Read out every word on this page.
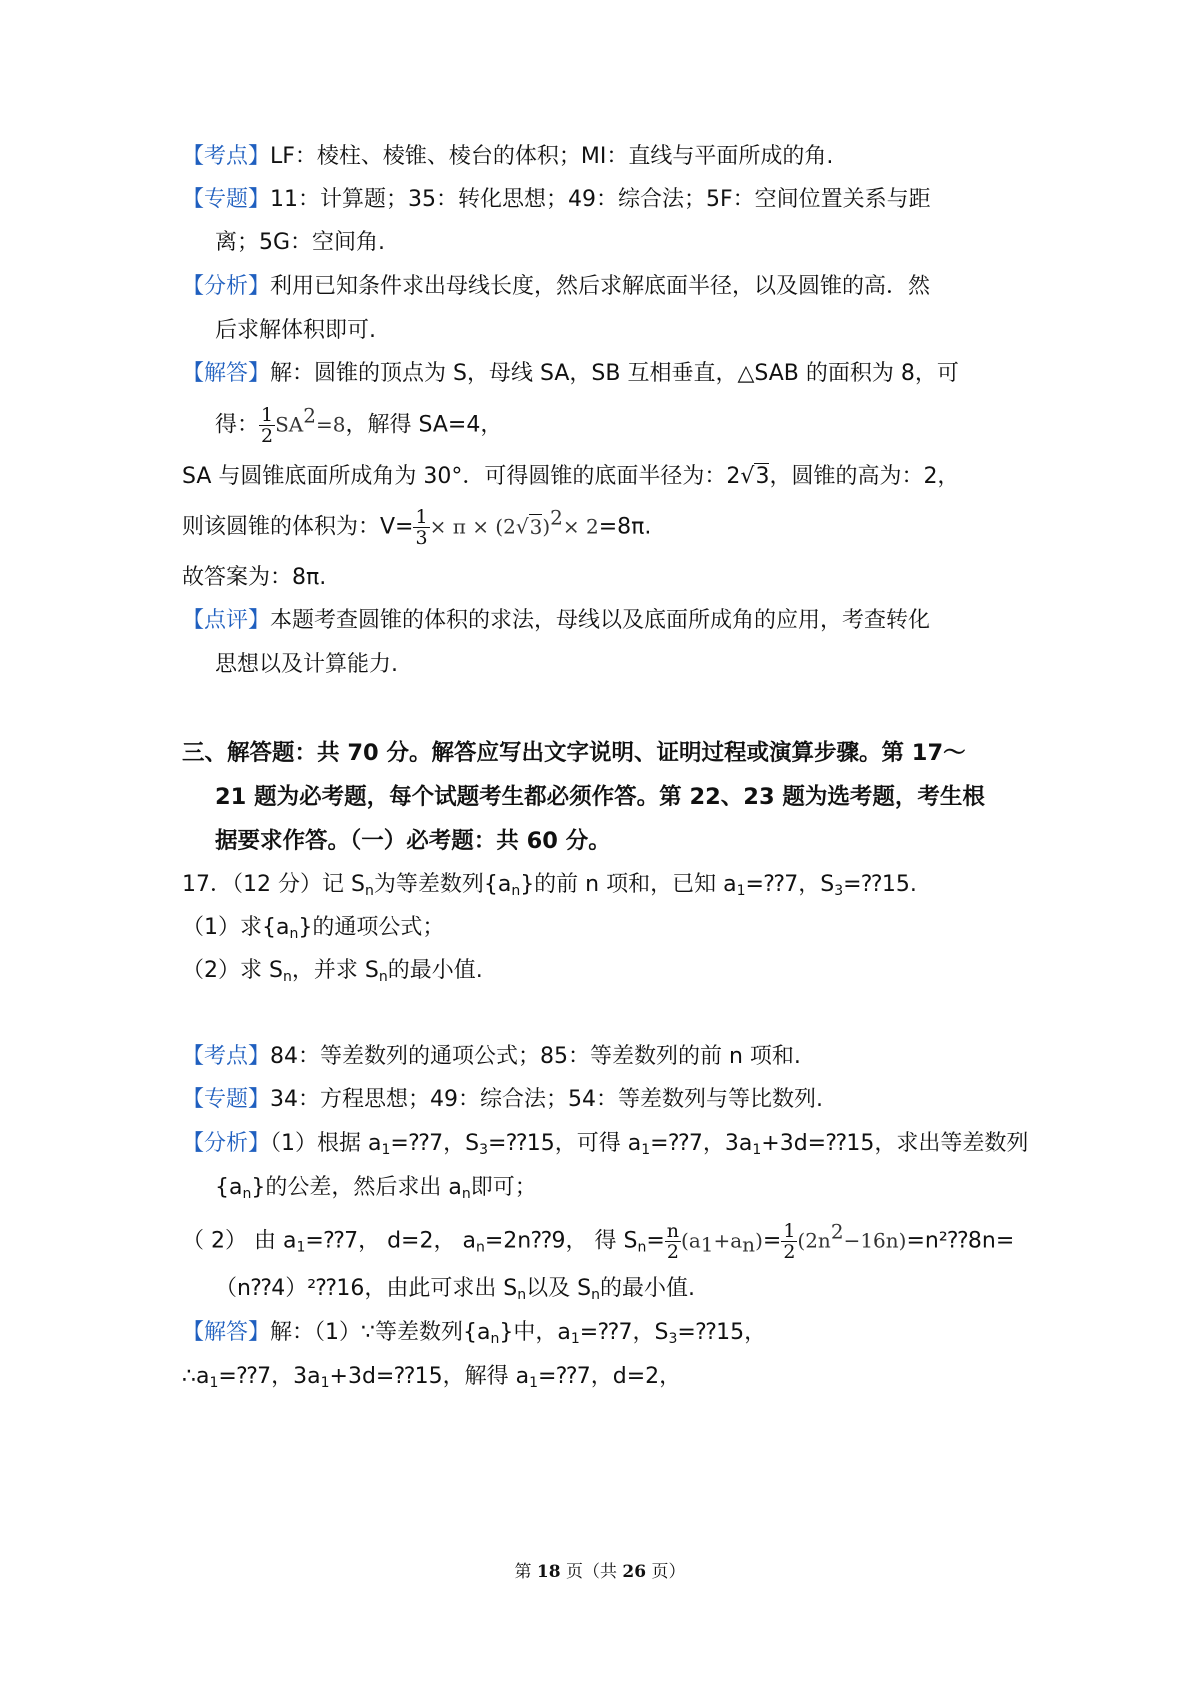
【考点】LF：棱柱、棱锥、棱台的体积；MI：直线与平面所成的角.
【专题】11：计算题；35：转化思想；49：综合法；5F：空间位置关系与距
离；5G：空间角.
【分析】利用已知条件求出母线长度，然后求解底面半径，以及圆锥的高．然
后求解体积即可.
【解答】解：圆锥的顶点为 S，母线 SA，SB 互相垂直，△SAB 的面积为 8，可
得： $\frac{1}{2} SA^2=8$，解得 SA=4，
SA 与圆锥底面所成角为 30°．可得圆锥的底面半径为：2√3，圆锥的高为：2，
则该圆锥的体积为：$V= \frac{1}{3} \times \pi \times (2√3)^2\times 2=8\pi$.
故答案为：8π.
【点评】本题考查圆锥的体积的求法，母线以及底面所成角的应用，考查转化
思想以及计算能力.
三、解答题：共 70 分。解答应写出文字说明、证明过程或演算步骤。第 17～
21 题为必考题，每个试题考生都必须作答。第 22、23 题为选考题，考生根
据要求作答。（一）必考题：共 60 分。
17．（12 分）记 $S_n$为等差数列$\{a_n\}$的前 n 项和，已知 $a_1=⁇7$，$S_3=⁇15$.
（1）求$\{a_n\}$的通项公式；
（2）求 $S_n$，并求 $S_n$的最小值.
【考点】84：等差数列的通项公式；85：等差数列的前 n 项和.
【专题】34：方程思想；49：综合法；54：等差数列与等比数列.
【分析】（1）根据 $a_1=⁇7$，$S_3=⁇15$，可得 $a_1=⁇7$，$3a_1+3d=⁇15$，求出等差数列
$\{a_n\}$的公差，然后求出 $a_n$即可；
（ 2） 由 $a_1=⁇7$， d=2， $a_n=2n⁇9$， 得 $S_n= \frac{n}{2} (a_1+a_n)= \frac{1}{2}$ $(2n^2-16n)=n^2⁇8n=$
（n⁇4）²⁇16，由此可求出 $S_n$以及 $S_n$的最小值.
【解答】解：（1）∵等差数列$\{a_n\}$中，$a_1=⁇7$，$S_3=⁇15$，
$\therefore a_1=⁇7$，$3a_1+3d=⁇15$，解得 $a_1=⁇7$，d=2，
第 18 页（共 26 页）
